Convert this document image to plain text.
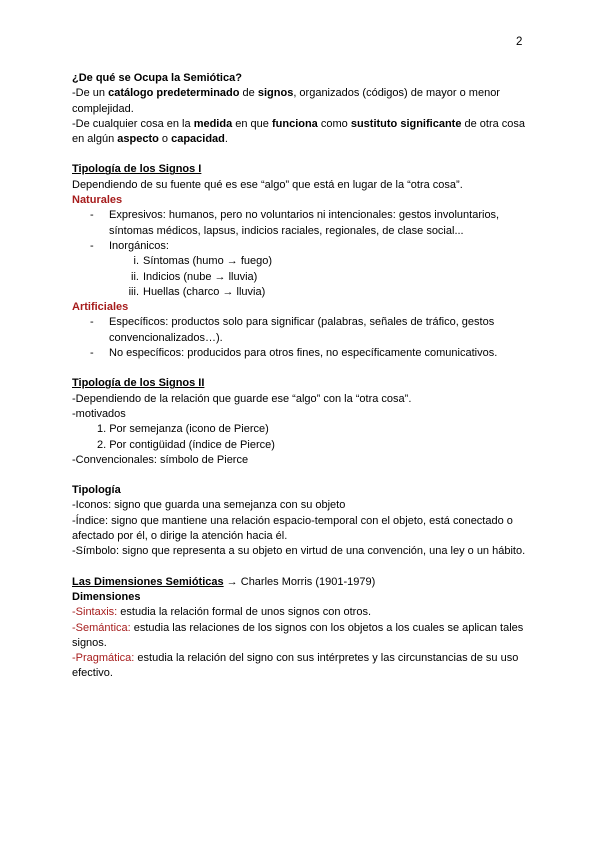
2

¿De qué se Ocupa la Semiótica?

-De un catálogo predeterminado de signos, organizados (códigos) de mayor o menor complejidad.

-De cualquier cosa en la medida en que funciona como sustituto significante de otra cosa en algún aspecto o capacidad.

Tipología de los Signos I

Dependiendo de su fuente qué es ese “algo” que está en lugar de la “otra cosa”.

Naturales

- Expresivos: humanos, pero no voluntarios ni intencionales: gestos involuntarios, síntomas médicos, lapsus, indicios raciales, regionales, de clase social...
- Inorgánicos:
i. Síntomas (humo → fuego)
ii. Indicios (nube → lluvia)
iii. Huellas (charco → lluvia)

Artificiales

- Específicos: productos solo para significar (palabras, señales de tráfico, gestos convencionalizados…).
- No específicos: producidos para otros fines, no específicamente comunicativos.

Tipología de los Signos II

-Dependiendo de la relación que guarde ese “algo” con la “otra cosa”.

-motivados

1. Por semejanza (icono de Pierce)
2. Por contigüidad (índice de Pierce)

-Convencionales: símbolo de Pierce

Tipología

-Iconos: signo que guarda una semejanza con su objeto

-Índice: signo que mantiene una relación espacio-temporal con el objeto, está conectado o afectado por él, o dirige la atención hacia él.

-Símbolo: signo que representa a su objeto en virtud de una convención, una ley o un hábito.

Las Dimensiones Semióticas → Charles Morris (1901-1979)

Dimensiones

-Sintaxis: estudia la relación formal de unos signos con otros.

-Semántica: estudia las relaciones de los signos con los objetos a los cuales se aplican tales signos.

-Pragmática: estudia la relación del signo con sus intérpretes y las circunstancias de su uso efectivo.
